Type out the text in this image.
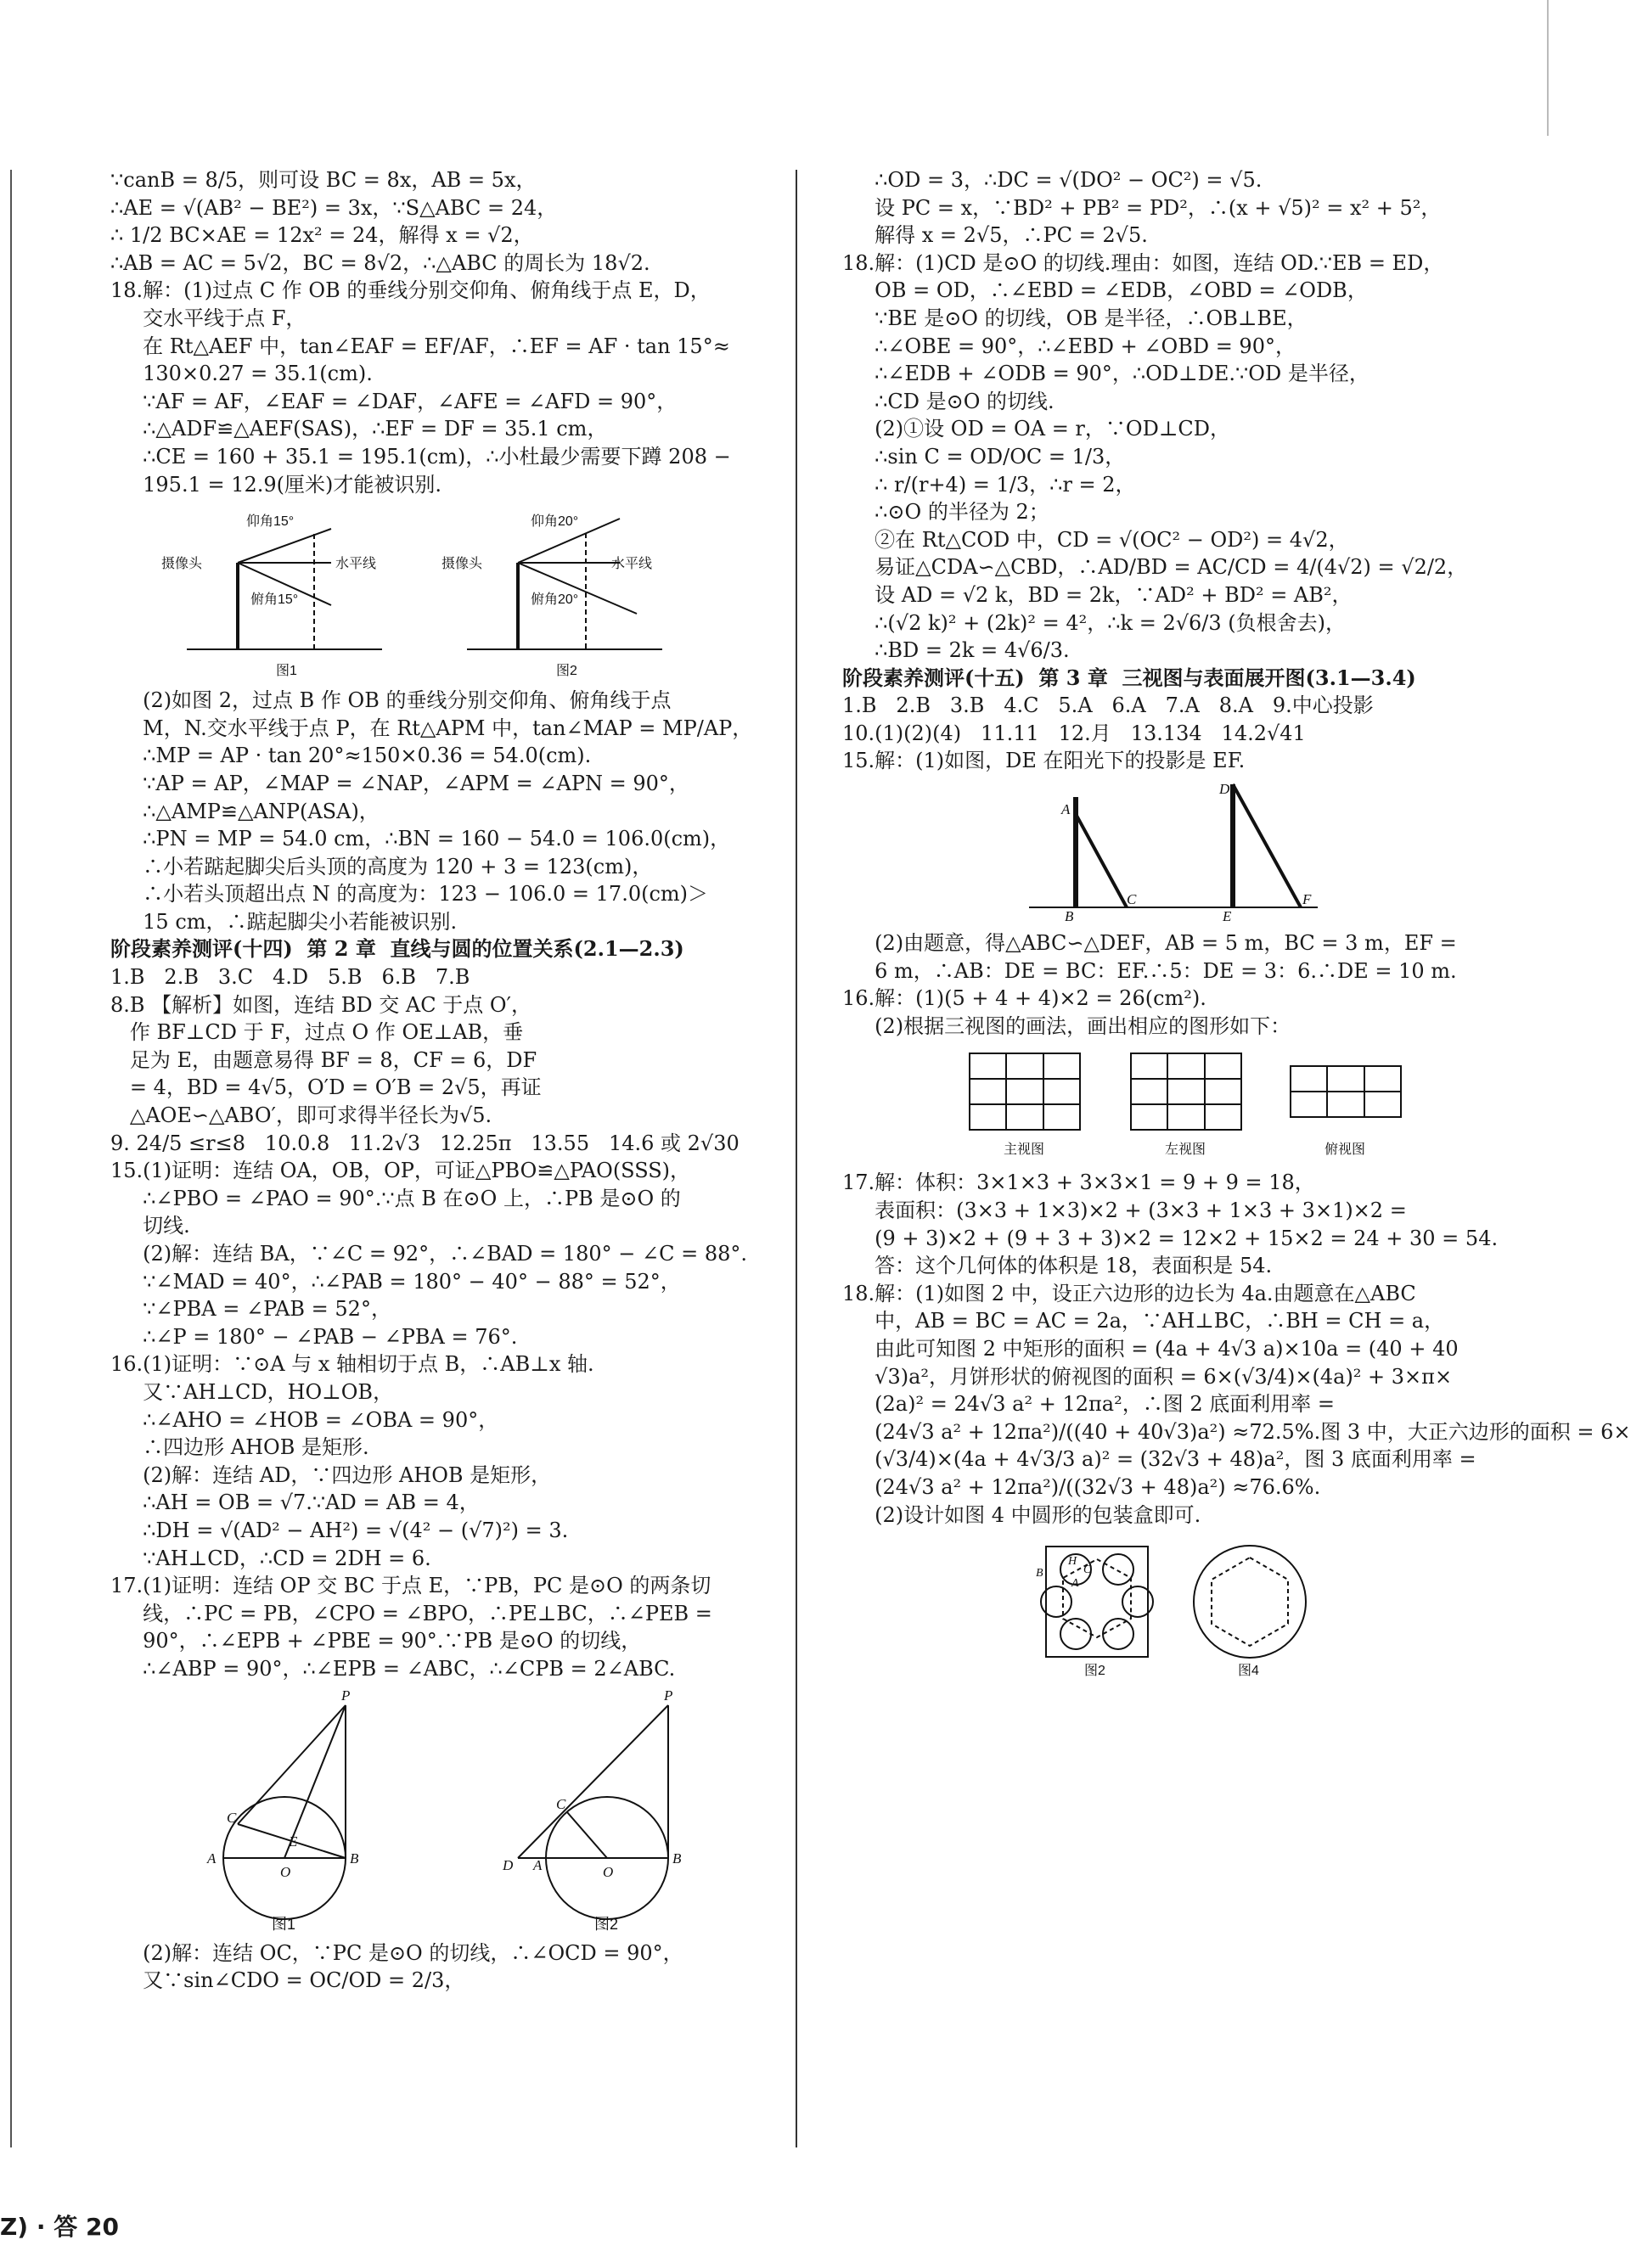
∵canB = 8/5，则可设 BC = 8x，AB = 5x，
∴AE = √(AB² − BE²) = 3x，∵S△ABC = 24，
∴ 1/2 BC×AE = 12x² = 24，解得 x = √2，
∴AB = AC = 5√2，BC = 8√2，∴△ABC 的周长为 18√2.
18.解：(1)过点 C 作 OB 的垂线分别交仰角、俯角线于点 E，D，
交水平线于点 F，
在 Rt△AEF 中，tan∠EAF = EF/AF，∴EF = AF · tan 15°≈
130×0.27 = 35.1(cm).
∵AF = AF，∠EAF = ∠DAF，∠AFE = ∠AFD = 90°，
∴△ADF≌△AEF(SAS)，∴EF = DF = 35.1 cm，
∴CE = 160 + 35.1 = 195.1(cm)，∴小杜最少需要下蹲 208 −
195.1 = 12.9(厘米)才能被识别.
摄像头	水平线
仰角15°
俯角15°
摄像头	水平线
仰角20°
俯角20°
图1	图2
(2)如图 2，过点 B 作 OB 的垂线分别交仰角、俯角线于点
M，N.交水平线于点 P，在 Rt△APM 中，tan∠MAP = MP/AP，
∴MP = AP · tan 20°≈150×0.36 = 54.0(cm).
∵AP = AP，∠MAP = ∠NAP，∠APM = ∠APN = 90°，
∴△AMP≌△ANP(ASA)，
∴PN = MP = 54.0 cm，∴BN = 160 − 54.0 = 106.0(cm)，
∴小若踮起脚尖后头顶的高度为 120 + 3 = 123(cm)，
∴小若头顶超出点 N 的高度为：123 − 106.0 = 17.0(cm)＞
15 cm，∴踮起脚尖小若能被识别.
阶段素养测评(十四)  第 2 章  直线与圆的位置关系(2.1—2.3)
1.B   2.B   3.C   4.D   5.B   6.B   7.B
8.B 【解析】如图，连结 BD 交 AC 于点 O′，
作 BF⊥CD 于 F，过点 O 作 OE⊥AB，垂
足为 E，由题意易得 BF = 8，CF = 6，DF
= 4，BD = 4√5，O′D = O′B = 2√5，再证
△AOE∽△ABO′，即可求得半径长为√5.
9. 24/5 ≤r≤8   10.0.8   11.2√3   12.25π   13.55   14.6 或 2√30
15.(1)证明：连结 OA，OB，OP，可证△PBO≌△PAO(SSS)，
∴∠PBO = ∠PAO = 90°.∵点 B 在⊙O 上，∴PB 是⊙O 的
切线.
(2)解：连结 BA，∵∠C = 92°，∴∠BAD = 180° − ∠C = 88°.
∵∠MAD = 40°，∴∠PAB = 180° − 40° − 88° = 52°，
∵∠PBA = ∠PAB = 52°，
∴∠P = 180° − ∠PAB − ∠PBA = 76°.
16.(1)证明：∵⊙A 与 x 轴相切于点 B，∴AB⊥x 轴.
又∵AH⊥CD，HO⊥OB，
∴∠AHO = ∠HOB = ∠OBA = 90°，
∴四边形 AHOB 是矩形.
(2)解：连结 AD，∵四边形 AHOB 是矩形，
∴AH = OB = √7.∵AD = AB = 4，
∴DH = √(AD² − AH²) = √(4² − (√7)²) = 3.
∵AH⊥CD，∴CD = 2DH = 6.
17.(1)证明：连结 OP 交 BC 于点 E，∵PB，PC 是⊙O 的两条切
线，∴PC = PB，∠CPO = ∠BPO，∴PE⊥BC，∴∠PEB =
90°，∴∠EPB + ∠PBE = 90°.∵PB 是⊙O 的切线，
∴∠ABP = 90°，∴∠EPB = ∠ABC，∴∠CPB = 2∠ABC.
P
C
E
A
O
B
P
C
D A	O
B
图1	图2
(2)解：连结 OC，∵PC 是⊙O 的切线，∴∠OCD = 90°，
又∵sin∠CDO = OC/OD = 2/3，
∴OD = 3，∴DC = √(DO² − OC²) = √5.
设 PC = x，∵BD² + PB² = PD²，∴(x + √5)² = x² + 5²，
解得 x = 2√5，∴PC = 2√5.
18.解：(1)CD 是⊙O 的切线.理由：如图，连结 OD.∵EB = ED，
OB = OD，∴∠EBD = ∠EDB，∠OBD = ∠ODB，
∵BE 是⊙O 的切线，OB 是半径，∴OB⊥BE，
∴∠OBE = 90°，∴∠EBD + ∠OBD = 90°，
∴∠EDB + ∠ODB = 90°，∴OD⊥DE.∵OD 是半径，
∴CD 是⊙O 的切线.
(2)①设 OD = OA = r，∵OD⊥CD，
∴sin C = OD/OC = 1/3，
∴ r/(r+4) = 1/3，∴r = 2，
∴⊙O 的半径为 2；
②在 Rt△COD 中，CD = √(OC² − OD²) = 4√2，
易证△CDA∽△CBD，∴AD/BD = AC/CD = 4/(4√2) = √2/2，
设 AD = √2 k，BD = 2k，∵AD² + BD² = AB²，
∴(√2 k)² + (2k)² = 4²，∴k = 2√6/3 (负根舍去)，
∴BD = 2k = 4√6/3.
阶段素养测评(十五)  第 3 章  三视图与表面展开图(3.1—3.4)
1.B   2.B   3.B   4.C   5.A   6.A   7.A   8.A   9.中心投影
10.(1)(2)(4)   11.11   12.月   13.134   14.2√41
15.解：(1)如图，DE 在阳光下的投影是 EF.
A
B
C
D
E
F
(2)由题意，得△ABC∽△DEF，AB = 5 m，BC = 3 m，EF =
6 m，∴AB：DE = BC：EF.∴5：DE = 3：6.∴DE = 10 m.
16.解：(1)(5 + 4 + 4)×2 = 26(cm²).
(2)根据三视图的画法，画出相应的图形如下：
主视图	左视图	俯视图
17.解：体积：3×1×3 + 3×3×1 = 9 + 9 = 18，
表面积：(3×3 + 1×3)×2 + (3×3 + 1×3 + 3×1)×2 =
(9 + 3)×2 + (9 + 3 + 3)×2 = 12×2 + 15×2 = 24 + 30 = 54.
答：这个几何体的体积是 18，表面积是 54.
18.解：(1)如图 2 中，设正六边形的边长为 4a.由题意在△ABC
中，AB = BC = AC = 2a，∵AH⊥BC，∴BH = CH = a，
由此可知图 2 中矩形的面积 = (4a + 4√3 a)×10a = (40 + 40
√3)a²，月饼形状的俯视图的面积 = 6×(√3/4)×(4a)² + 3×π×
(2a)² = 24√3 a² + 12πa²，∴图 2 底面利用率 =
(24√3 a² + 12πa²)/((40 + 40√3)a²) ≈72.5%.图 3 中，大正六边形的面积 = 6×
(√3/4)×(4a + 4√3/3 a)² = (32√3 + 48)a²，图 3 底面利用率 =
(24√3 a² + 12πa²)/((32√3 + 48)a²) ≈76.6%.
(2)设计如图 4 中圆形的包装盒即可.
B
H
C
A
图2	图4
Z) · 答 20
